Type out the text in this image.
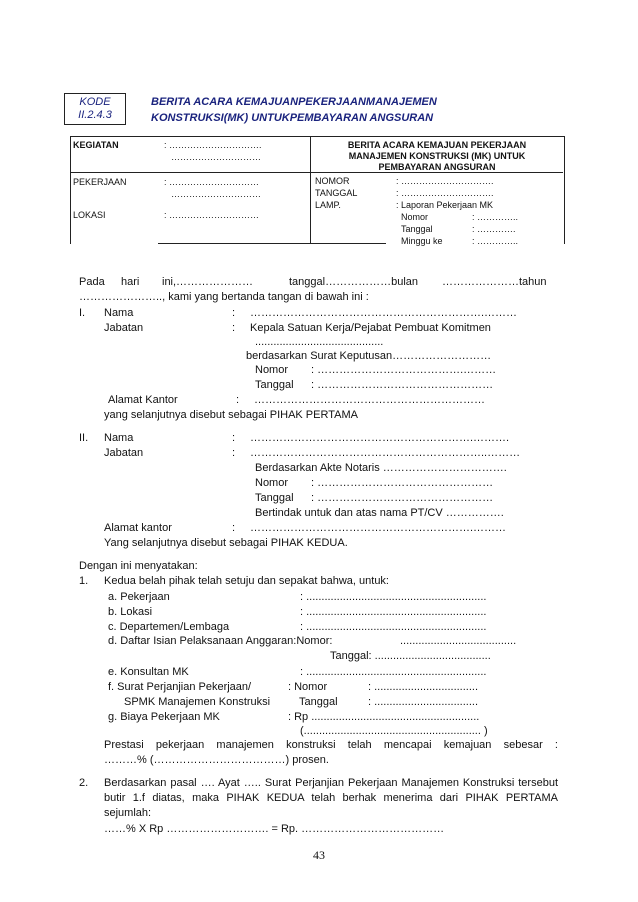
KODE
II.2.4.3
BERITA ACARA KEMAJUANPEKERJAANMANAJEMEN
KONSTRUKSI(MK) UNTUKPEMBAYARAN ANGSURAN
KEGIATAN	: ………………………….
…………………………
BERITA ACARA KEMAJUAN PEKERJAAN
MANAJEMEN KONSTRUKSI (MK) UNTUK
PEMBAYARAN ANGSURAN
PEKERJAAN	: …………………………
…………………………
LOKASI	: …………………………
NOMOR	: ………………………….
TANGGAL	: ………………………….
LAMP.	: Laporan Pekerjaan MK
Nomor	: …………..
Tanggal	: ………….
Minggu ke	: …………..
Pada hari ini,…………………	tanggal………………bulan …………………tahun
………………….., kami yang bertanda tangan di bawah ini :
I. Nama	: ……………………………………………………….………
Jabatan	: Kepala Satuan Kerja/Pejabat Pembuat Komitmen
..........................................
berdasarkan Surat Keputusan………………………
Nomor : ………………………………….………
Tanggal : …………………………………………
Alamat Kantor	: ………………………………………………………
yang selanjutnya disebut sebagai PIHAK PERTAMA
II. Nama	: …………………………………………………….……….
Jabatan	: ………………………………………………………..………
Berdasarkan Akte Notaris …………………………….
Nomor : …………………………………………
Tanggal : …………………………………………
Bertindak untuk dan atas nama PT/CV …………….
Alamat kantor	: …………………………………………………….………
Yang selanjutnya disebut sebagai PIHAK KEDUA.
Dengan ini menyatakan:
1. Kedua belah pihak telah setuju dan sepakat bahwa, untuk:
a. Pekerjaan	: ...........................................................
b. Lokasi	: ...........................................................
c. Departemen/Lembaga	: ...........................................................
d. Daftar Isian Pelaksanaan Anggaran:Nomor:	......................................
Tanggal: ......................................
e. Konsultan MK	: ...........................................................
f. Surat Perjanjian Pekerjaan/	: Nomor	: ..................................
SPMK Manajemen Konstruksi	Tanggal	: ..................................
g. Biaya Pekerjaan MK	: Rp .......................................................
(.......................................................... )
Prestasi pekerjaan manajemen konstruksi telah mencapai kemajuan sebesar :
………% (………………………………) prosen.
2. Berdasarkan pasal …. Ayat ….. Surat Perjanjian Pekerjaan Manajemen Konstruksi tersebut butir 1.f diatas, maka PIHAK KEDUA telah berhak menerima dari PIHAK PERTAMA sejumlah:
……% X Rp ………………………. = Rp. …………………………………
43
